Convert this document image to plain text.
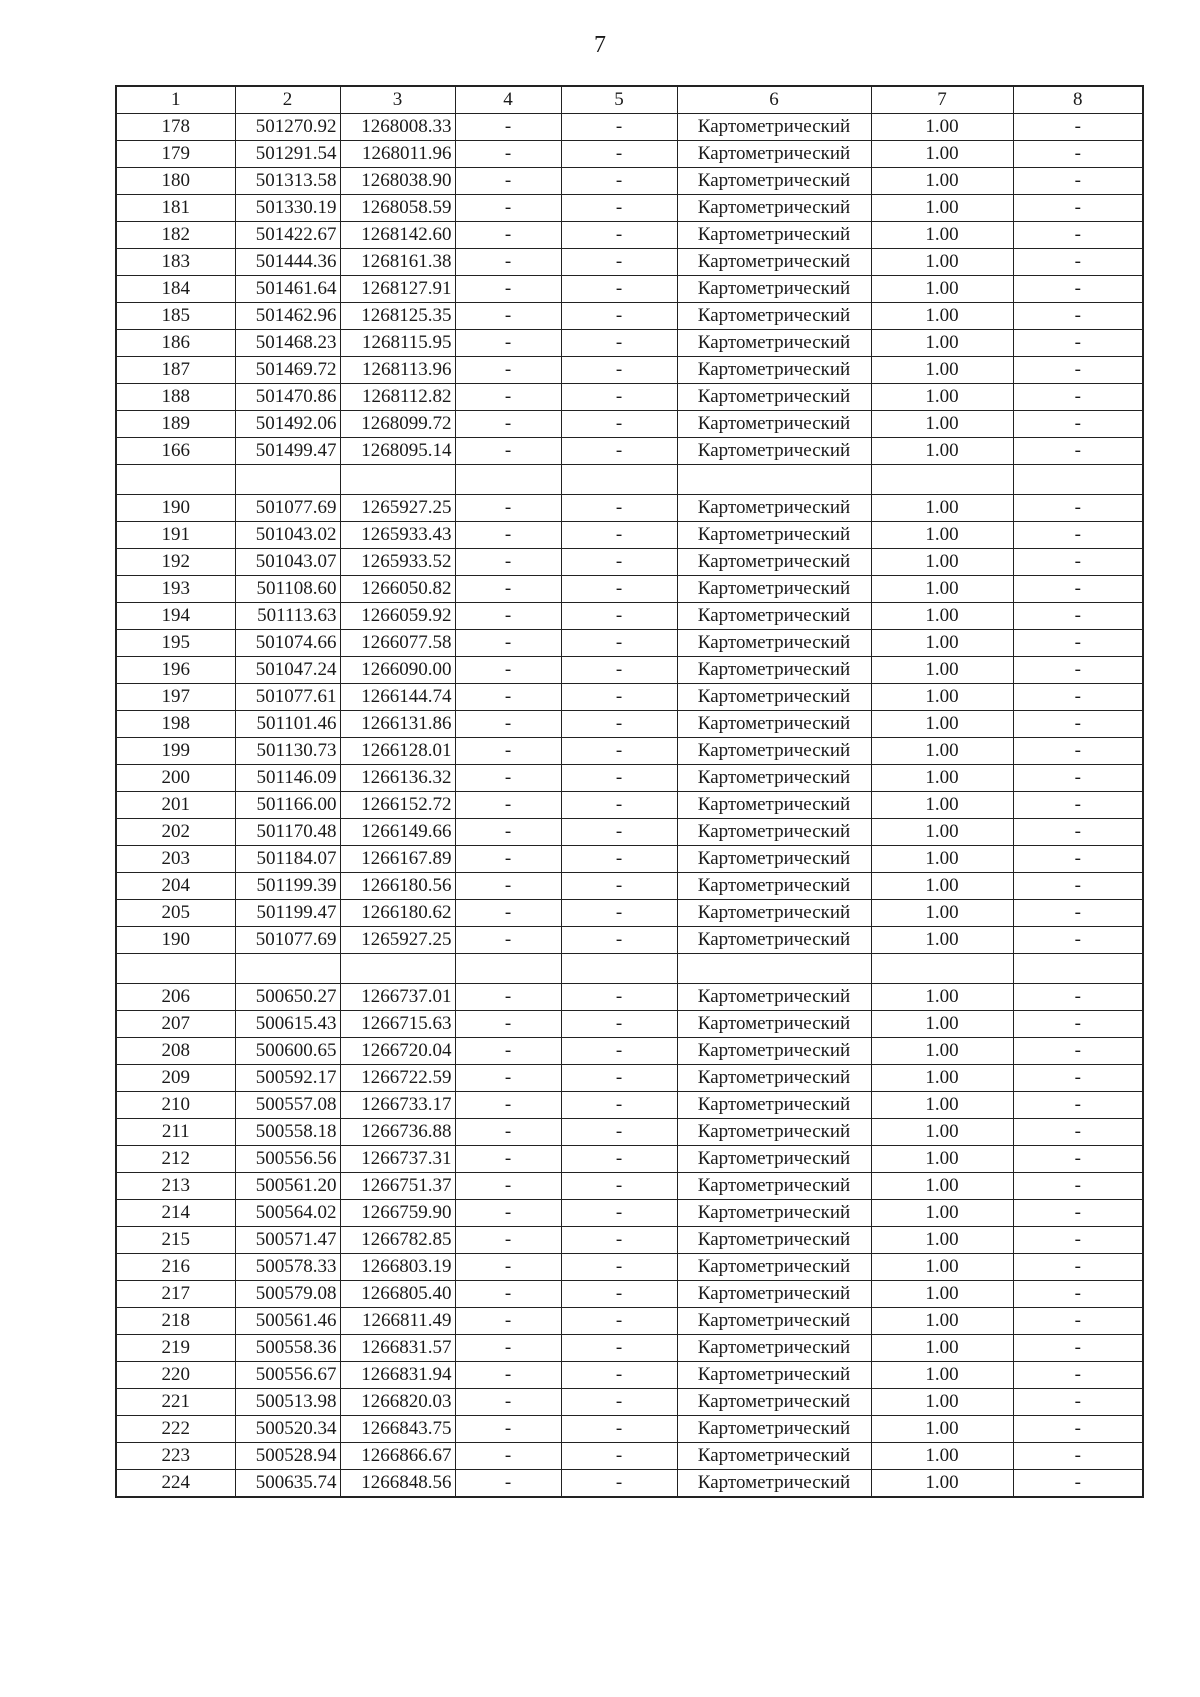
7
1	2	3	4	5	6	7	8
178	501270.92	1268008.33	-	-	Картометрический	1.00	-
179	501291.54	1268011.96	-	-	Картометрический	1.00	-
180	501313.58	1268038.90	-	-	Картометрический	1.00	-
181	501330.19	1268058.59	-	-	Картометрический	1.00	-
182	501422.67	1268142.60	-	-	Картометрический	1.00	-
183	501444.36	1268161.38	-	-	Картометрический	1.00	-
184	501461.64	1268127.91	-	-	Картометрический	1.00	-
185	501462.96	1268125.35	-	-	Картометрический	1.00	-
186	501468.23	1268115.95	-	-	Картометрический	1.00	-
187	501469.72	1268113.96	-	-	Картометрический	1.00	-
188	501470.86	1268112.82	-	-	Картометрический	1.00	-
189	501492.06	1268099.72	-	-	Картометрический	1.00	-
166	501499.47	1268095.14	-	-	Картометрический	1.00	-

190	501077.69	1265927.25	-	-	Картометрический	1.00	-
191	501043.02	1265933.43	-	-	Картометрический	1.00	-
192	501043.07	1265933.52	-	-	Картометрический	1.00	-
193	501108.60	1266050.82	-	-	Картометрический	1.00	-
194	501113.63	1266059.92	-	-	Картометрический	1.00	-
195	501074.66	1266077.58	-	-	Картометрический	1.00	-
196	501047.24	1266090.00	-	-	Картометрический	1.00	-
197	501077.61	1266144.74	-	-	Картометрический	1.00	-
198	501101.46	1266131.86	-	-	Картометрический	1.00	-
199	501130.73	1266128.01	-	-	Картометрический	1.00	-
200	501146.09	1266136.32	-	-	Картометрический	1.00	-
201	501166.00	1266152.72	-	-	Картометрический	1.00	-
202	501170.48	1266149.66	-	-	Картометрический	1.00	-
203	501184.07	1266167.89	-	-	Картометрический	1.00	-
204	501199.39	1266180.56	-	-	Картометрический	1.00	-
205	501199.47	1266180.62	-	-	Картометрический	1.00	-
190	501077.69	1265927.25	-	-	Картометрический	1.00	-

206	500650.27	1266737.01	-	-	Картометрический	1.00	-
207	500615.43	1266715.63	-	-	Картометрический	1.00	-
208	500600.65	1266720.04	-	-	Картометрический	1.00	-
209	500592.17	1266722.59	-	-	Картометрический	1.00	-
210	500557.08	1266733.17	-	-	Картометрический	1.00	-
211	500558.18	1266736.88	-	-	Картометрический	1.00	-
212	500556.56	1266737.31	-	-	Картометрический	1.00	-
213	500561.20	1266751.37	-	-	Картометрический	1.00	-
214	500564.02	1266759.90	-	-	Картометрический	1.00	-
215	500571.47	1266782.85	-	-	Картометрический	1.00	-
216	500578.33	1266803.19	-	-	Картометрический	1.00	-
217	500579.08	1266805.40	-	-	Картометрический	1.00	-
218	500561.46	1266811.49	-	-	Картометрический	1.00	-
219	500558.36	1266831.57	-	-	Картометрический	1.00	-
220	500556.67	1266831.94	-	-	Картометрический	1.00	-
221	500513.98	1266820.03	-	-	Картометрический	1.00	-
222	500520.34	1266843.75	-	-	Картометрический	1.00	-
223	500528.94	1266866.67	-	-	Картометрический	1.00	-
224	500635.74	1266848.56	-	-	Картометрический	1.00	-
